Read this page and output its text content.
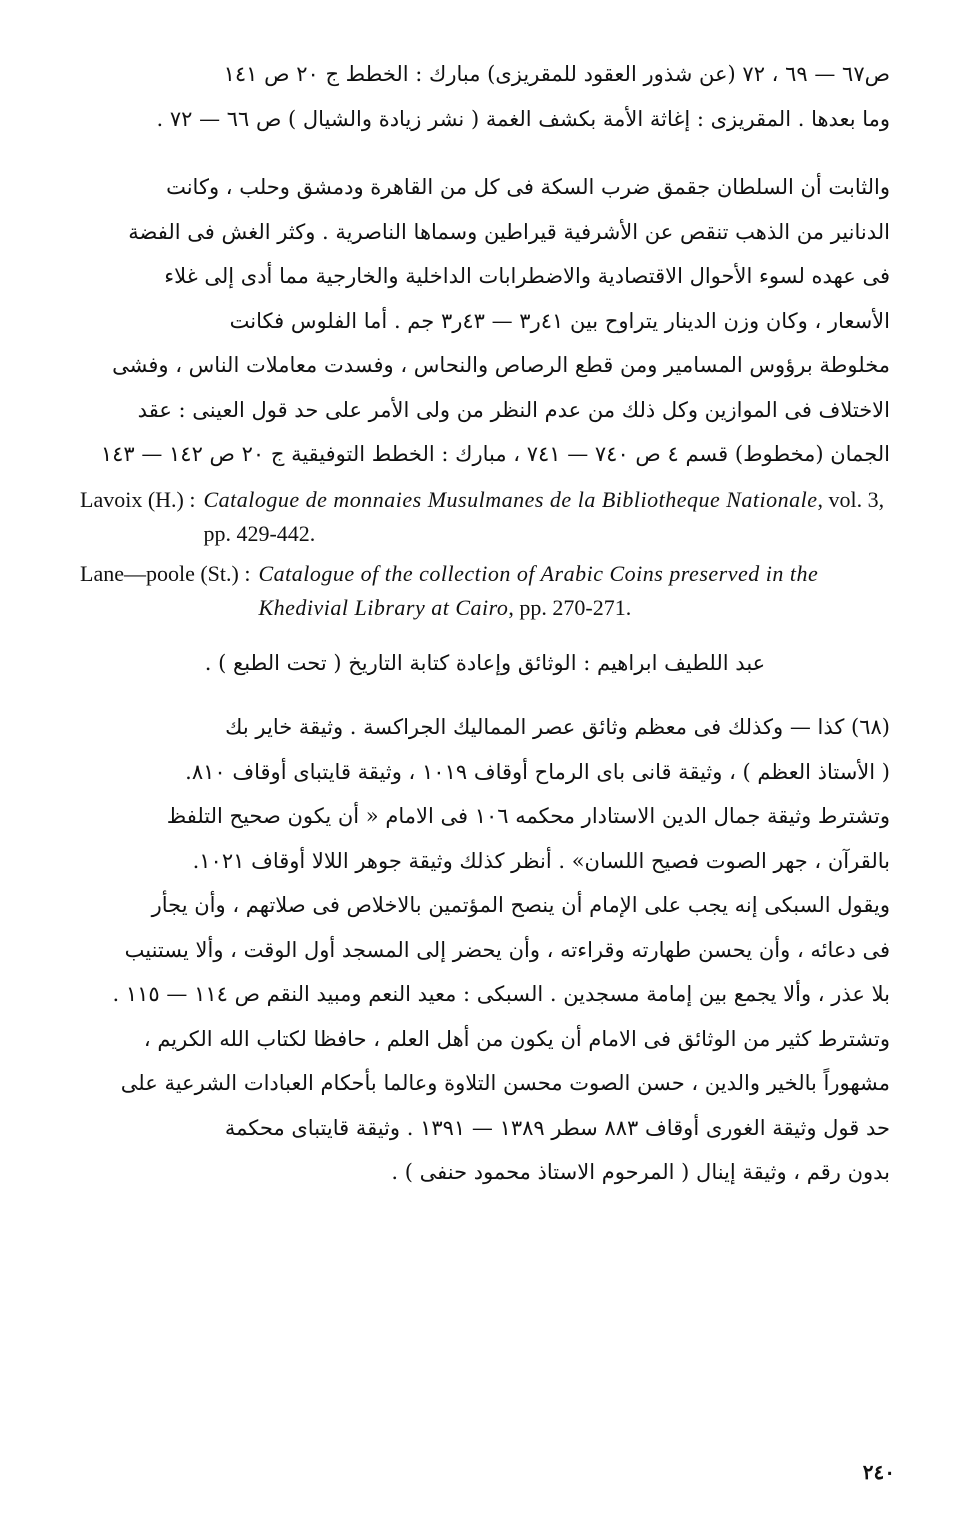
ص٦٧ — ٦٩ ، ٧٢ (عن شذور العقود للمقريزى) مبارك : الخطط ج ٢٠ ص ١٤١
وما بعدها . المقريزى : إغاثة الأمة بكشف الغمة ( نشر زيادة والشيال ) ص ٦٦ — ٧٢ .
والثابت أن السلطان جقمق ضرب السكة فى كل من القاهرة ودمشق وحلب ، وكانت
الدنانير من الذهب تنقص عن الأشرفية قيراطين وسماها الناصرية . وكثر الغش فى الفضة
فى عهده لسوء الأحوال الاقتصادية والاضطرابات الداخلية والخارجية مما أدى إلى غلاء
الأسعار ، وكان وزن الدينار يتراوح بين ٤١ر٣ — ٤٣ر٣ جم . أما الفلوس فكانت
مخلوطة برؤوس المسامير ومن قطع الرصاص والنحاس ، وفسدت معاملات الناس ، وفشى
الاختلاف فى الموازين وكل ذلك من عدم النظر من ولى الأمر على حد قول العينى : عقد
الجمان (مخطوط) قسم ٤ ص ٧٤٠ — ٧٤١ ، مبارك : الخطط التوفيقية ج ٢٠ ص ١٤٢ — ١٤٣
Lavoix (H.) : Catalogue de monnaies Musulmanes de la Bibliotheque Nationale, vol. 3, pp. 429-442.
Lane—poole (St.) : Catalogue of the collection of Arabic Coins preserved in the Khedivial Library at Cairo, pp. 270-271.
عبد اللطيف ابراهيم : الوثائق وإعادة كتابة التاريخ ( تحت الطبع ) .
(٦٨) كذا — وكذلك فى معظم وثائق عصر المماليك الجراكسة . وثيقة خاير بك
( الأستاذ العظم ) ، وثيقة قانى باى الرماح أوقاف ١٠١٩ ، وثيقة قايتباى أوقاف ٨١٠.
وتشترط وثيقة جمال الدين الاستادار محكمه ١٠٦ فى الامام « أن يكون صحيح التلفظ
بالقرآن ، جهر الصوت فصيح اللسان» . أنظر كذلك وثيقة جوهر اللالا أوقاف ١٠٢١.
ويقول السبكى إنه يجب على الإمام أن ينصح المؤتمين بالاخلاص فى صلاتهم ، وأن يجأر
فى دعائه ، وأن يحسن طهارته وقراءته ، وأن يحضر إلى المسجد أول الوقت ، وألا يستنيب
بلا عذر ، وألا يجمع بين إمامة مسجدين . السبكى : معيد النعم ومبيد النقم ص ١١٤ — ١١٥ .
وتشترط كثير من الوثائق فى الامام أن يكون من أهل العلم ، حافظا لكتاب الله الكريم ،
مشهوراً بالخير والدين ، حسن الصوت محسن التلاوة وعالما بأحكام العبادات الشرعية على
حد قول وثيقة الغورى أوقاف ٨٨٣ سطر ١٣٨٩ — ١٣٩١ . وثيقة قايتباى محكمة
بدون رقم ، وثيقة إينال ( المرحوم الاستاذ محمود حنفى ) .
٢٤٠
